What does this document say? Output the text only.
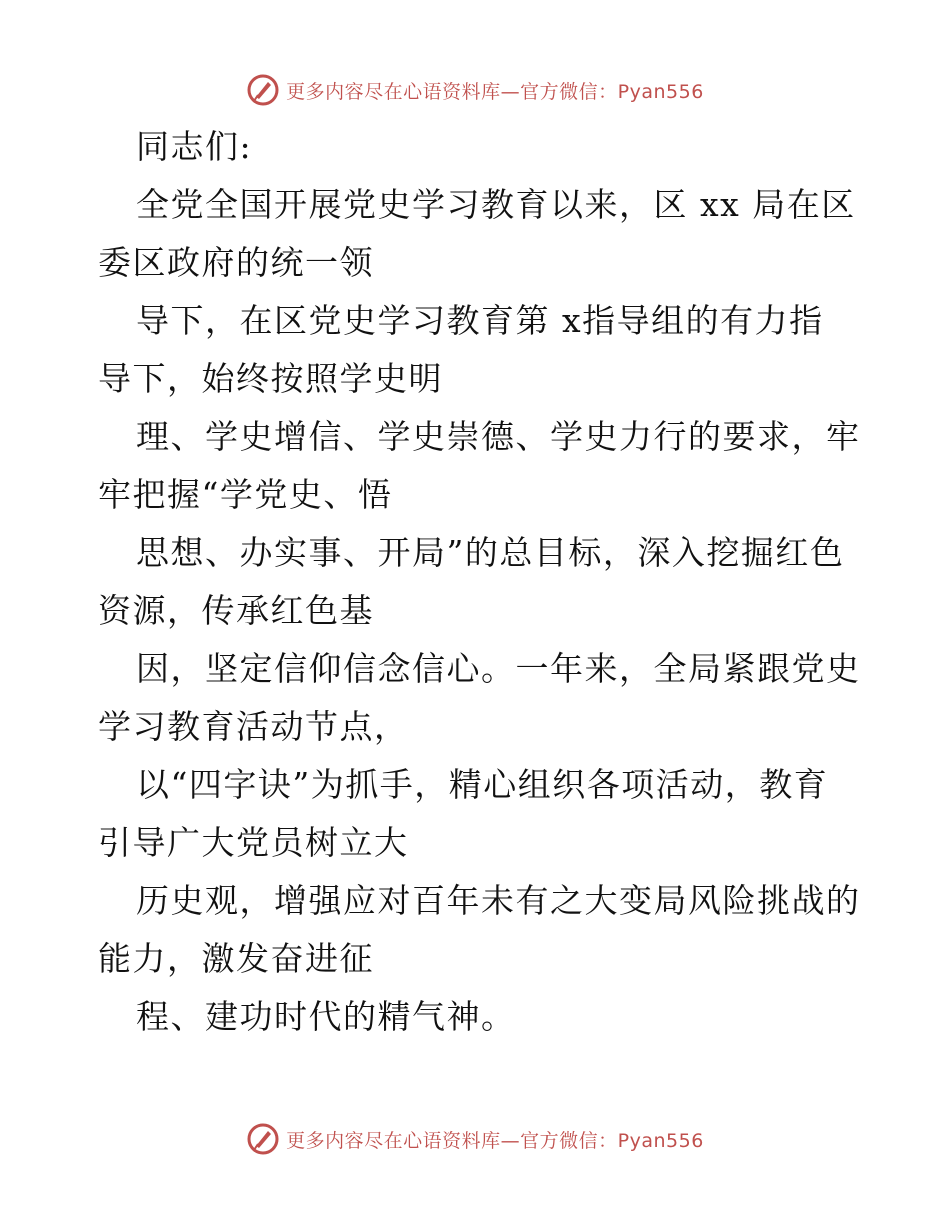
更多内容尽在心语资料库—官方微信：Pyan556
同志们:
全党全国开展党史学习教育以来，区 xx 局在区
委区政府的统一领
导下，在区党史学习教育第 x指导组的有力指
导下，始终按照学史明
理、学史增信、学史崇德、学史力行的要求，牢
牢把握“学党史、悟
思想、办实事、开局”的总目标，深入挖掘红色
资源，传承红色基
因，坚定信仰信念信心。一年来，全局紧跟党史
学习教育活动节点，
以“四字诀”为抓手，精心组织各项活动，教育
引导广大党员树立大
历史观，增强应对百年未有之大变局风险挑战的
能力，激发奋进征
程、建功时代的精气神。
更多内容尽在心语资料库—官方微信：Pyan556
